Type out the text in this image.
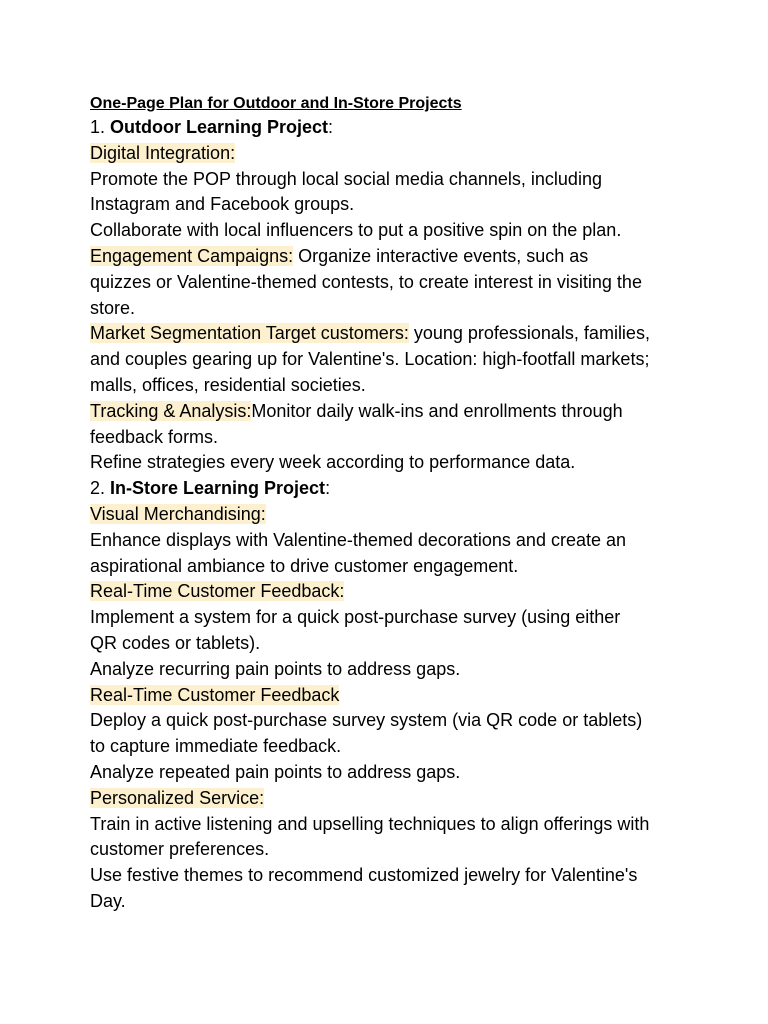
One-Page Plan for Outdoor and In-Store Projects
1. Outdoor Learning Project:
Digital Integration:
Promote the POP through local social media channels, including
Instagram and Facebook groups.
Collaborate with local influencers to put a positive spin on the plan.
Engagement Campaigns: Organize interactive events, such as
quizzes or Valentine-themed contests, to create interest in visiting the
store.
Market Segmentation Target customers: young professionals, families,
and couples gearing up for Valentine's. Location: high-footfall markets;
malls, offices, residential societies.
Tracking & Analysis:Monitor daily walk-ins and enrollments through
feedback forms.
Refine strategies every week according to performance data.
2. In-Store Learning Project:
Visual Merchandising:
Enhance displays with Valentine-themed decorations and create an
aspirational ambiance to drive customer engagement.
Real-Time Customer Feedback:
Implement a system for a quick post-purchase survey (using either
QR codes or tablets).
Analyze recurring pain points to address gaps.
Real-Time Customer Feedback
Deploy a quick post-purchase survey system (via QR code or tablets)
to capture immediate feedback.
Analyze repeated pain points to address gaps.
Personalized Service:
Train in active listening and upselling techniques to align offerings with
customer preferences.
Use festive themes to recommend customized jewelry for Valentine's
Day.
